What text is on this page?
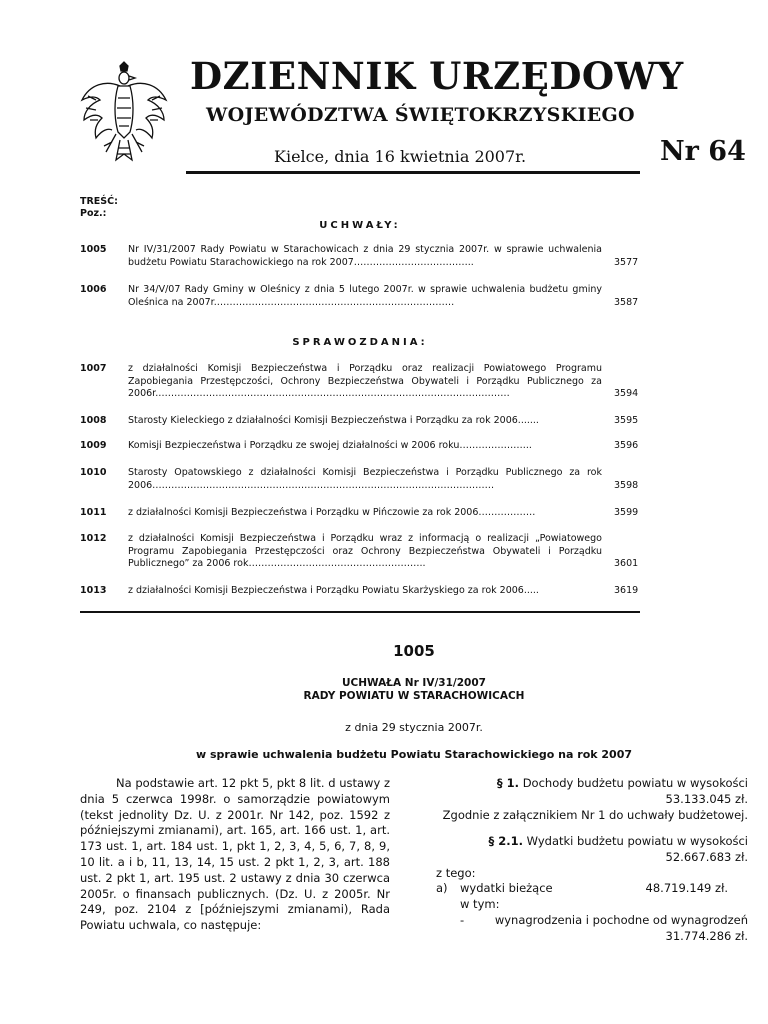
DZIENNIK URZĘDOWY
WOJEWÓDZTWA ŚWIĘTOKRZYSKIEGO
Kielce, dnia 16 kwietnia 2007r.	Nr 64
TREŚĆ:
Poz.:
UCHWAŁY:
1005 Nr IV/31/2007 Rady Powiatu w Starachowicach z dnia 29 stycznia 2007r. w sprawie uchwalenia budżetu Powiatu Starachowickiego na rok 2007………………………………..	3577
1006 Nr 34/V/07 Rady Gminy w Oleśnicy z dnia 5 lutego 2007r. w sprawie uchwalenia budżetu gminy Oleśnica na 2007r.…………………………………………………………………	3587
SPRAWOZDANIA:
1007 z działalności Komisji Bezpieczeństwa i Porządku oraz realizacji Powiatowego Programu Zapobiegania Przestępczości, Ochrony Bezpieczeństwa Obywateli i Porządku Publicznego za 2006r.…………………………………………………………………………………………………	3594
1008 Starosty Kieleckiego z działalności Komisji Bezpieczeństwa i Porządku za rok 2006.......	3595
1009 Komisji Bezpieczeństwa i Porządku ze swojej działalności w 2006 roku…………………..	3596
1010 Starosty Opatowskiego z działalności Komisji Bezpieczeństwa i Porządku Publicznego za rok 2006………………………………………………………………………………………………	3598
1011 z działalności Komisji Bezpieczeństwa i Porządku w Pińczowie za rok 2006………………	3599
1012 z działalności Komisji Bezpieczeństwa i Porządku wraz z informacją o realizacji „Powiatowego Programu Zapobiegania Przestępczości oraz Ochrony Bezpieczeństwa Obywateli i Porządku Publicznego” za 2006 rok………………………………………………..	3601
1013 z działalności Komisji Bezpieczeństwa i Porządku Powiatu Skarżyskiego za rok 2006.....	3619
1005
UCHWAŁA Nr IV/31/2007
RADY POWIATU W STARACHOWICACH
z dnia 29 stycznia 2007r.
w sprawie uchwalenia budżetu Powiatu Starachowickiego na rok 2007
Na podstawie art. 12 pkt 5, pkt 8 lit. d ustawy z dnia 5 czerwca 1998r. o samorządzie powiatowym (tekst jednolity Dz. U. z 2001r. Nr 142, poz. 1592 z późniejszymi zmianami), art. 165, art. 166 ust. 1, art. 173 ust. 1, art. 184 ust. 1, pkt 1, 2, 3, 4, 5, 6, 7, 8, 9, 10 lit. a i b, 11, 13, 14, 15 ust. 2 pkt 1, 2, 3, art. 188 ust. 2 pkt 1, art. 195 ust. 2 ustawy z dnia 30 czerwca 2005r. o finansach publicznych. (Dz. U. z 2005r. Nr 249, poz. 2104 z [późniejszymi zmianami), Rada Powiatu uchwala, co następuje:
§ 1. Dochody budżetu powiatu w wysokości
53.133.045 zł.
Zgodnie z załącznikiem Nr 1 do uchwały budżetowej.
§ 2.1. Wydatki budżetu powiatu w wysokości
52.667.683 zł.
z tego:
a) wydatki bieżące	48.719.149 zł.
w tym:
-	wynagrodzenia i pochodne od wynagrodzeń
31.774.286 zł.
